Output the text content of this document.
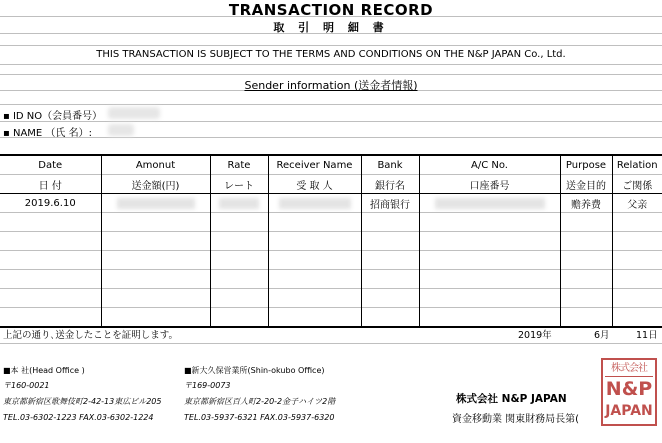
TRANSACTION RECORD
取 引 明 細 書
THIS TRANSACTION IS SUBJECT TO THE TERMS AND CONDITIONS ON THE N&P JAPAN Co., Ltd.
Sender information (送金者情報)
▪ ID NO（会員番号）
▪ NAME （氏 名）:
Date	Amonut	Rate	Receiver Name	Bank	A/C No.	Purpose	Relation
日 付	送金額(円)	レート	受 取 人	銀行名	口座番号	送金目的	ご関係
2019.6.10				招商银行		赡养费	父亲

上記の通り､送金したことを証明します。	2019年	6月	11日
■本 社(Head Office )
〒160-0021
東京都新宿区歌舞伎町2-42-13東広ビル205
TEL.03-6302-1223 FAX.03-6302-1224
■新大久保営業所(Shin-okubo Office)
〒169-0073
東京都新宿区百人町2-20-2金子ハイツ2階
TEL.03-5937-6321 FAX.03-5937-6320
株式会社 N&P JAPAN
資金移動業 関東財務局長第(
株式会社
N&P
JAPAN
